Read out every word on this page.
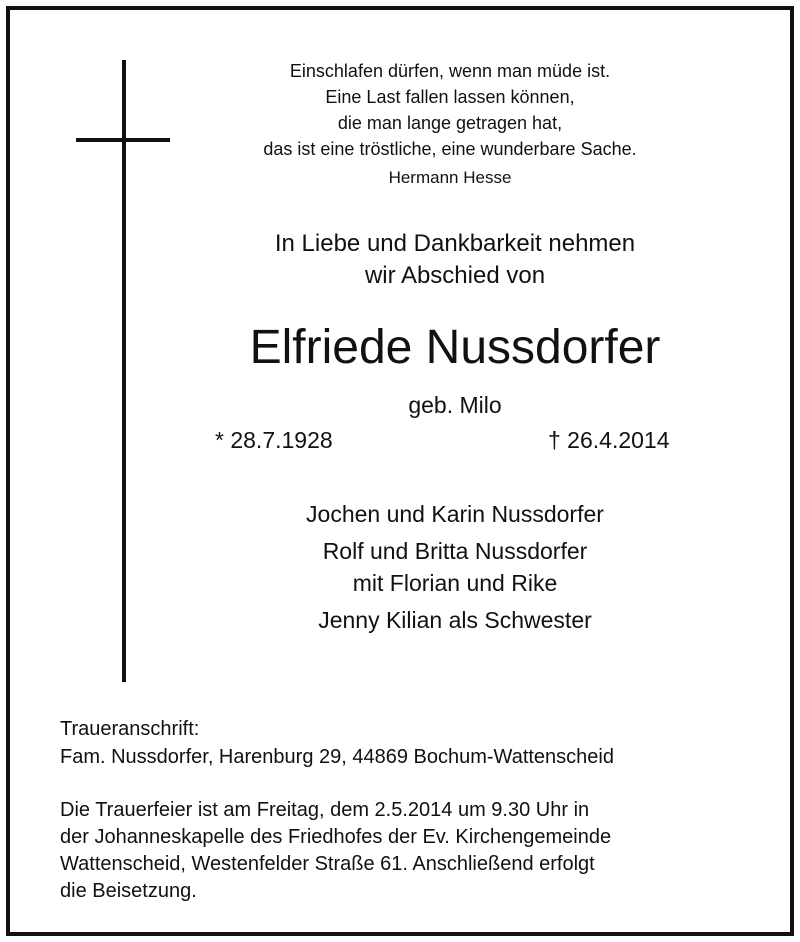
Einschlafen dürfen, wenn man müde ist.
Eine Last fallen lassen können,
die man lange getragen hat,
das ist eine tröstliche, eine wunderbare Sache.
Hermann Hesse
In Liebe und Dankbarkeit nehmen
wir Abschied von
Elfriede Nussdorfer
geb. Milo
* 28.7.1928	† 26.4.2014
Jochen und Karin Nussdorfer
Rolf und Britta Nussdorfer
mit Florian und Rike
Jenny Kilian als Schwester
Traueranschrift:
Fam. Nussdorfer, Harenburg 29, 44869 Bochum-Wattenscheid
Die Trauerfeier ist am Freitag, dem 2.5.2014 um 9.30 Uhr in
der Johanneskapelle des Friedhofes der Ev. Kirchengemeinde
Wattenscheid, Westenfelder Straße 61. Anschließend erfolgt
die Beisetzung.
